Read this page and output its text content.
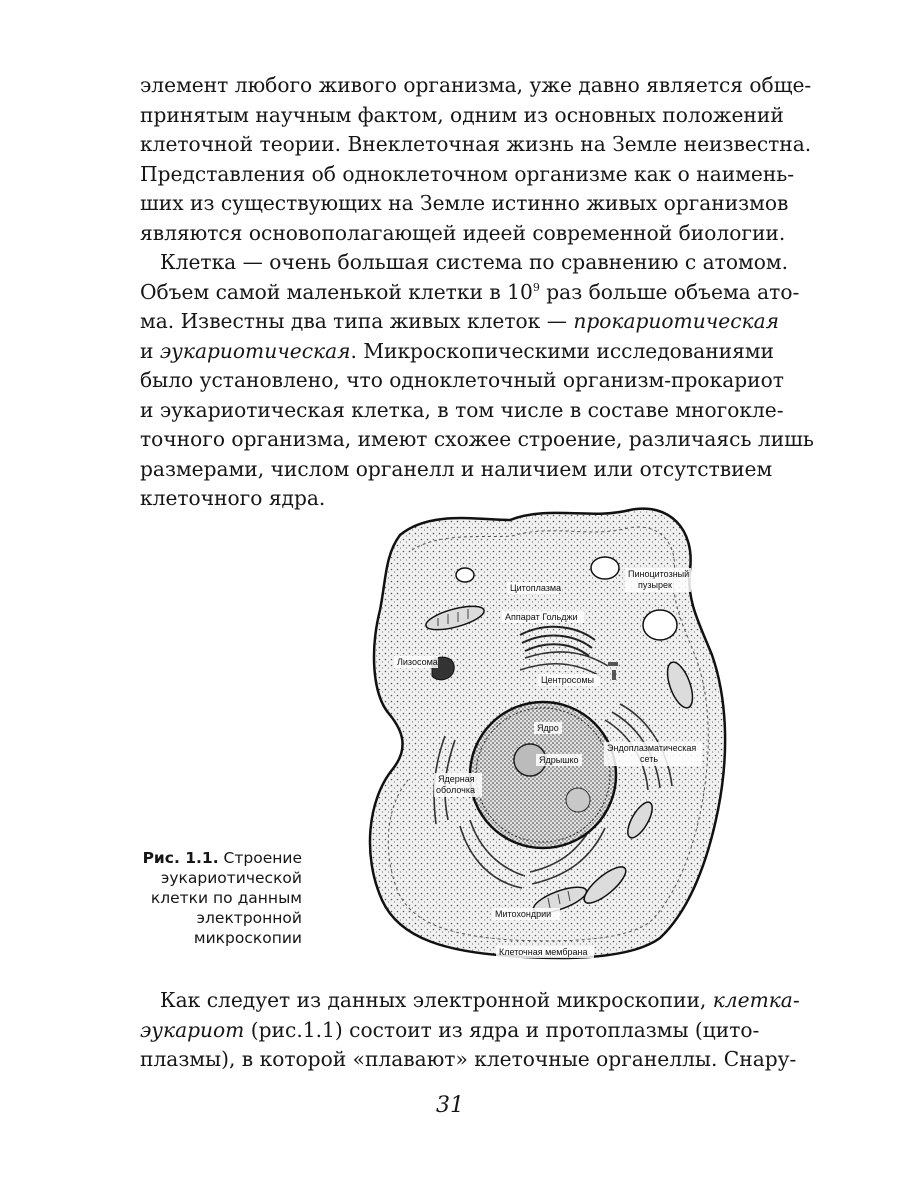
элемент любого живого организма, уже давно является обще-
принятым научным фактом, одним из основных положений
клеточной теории. Внеклеточная жизнь на Земле неизвестна.
Представления об одноклеточном организме как о наимень-
ших из существующих на Земле истинно живых организмов
являются основополагающей идеей современной биологии.
Клетка — очень большая система по сравнению с атомом.
Объем самой маленькой клетки в $10^9$ раз больше объема ато-
ма. Известны два типа живых клеток — прокариотическая
и эукариотическая. Микроскопическими исследованиями
было установлено, что одноклеточный организм-прокариот
и эукариотическая клетка, в том числе в составе многокле-
точного организма, имеют схожее строение, различаясь лишь
размерами, числом органелл и наличием или отсутствием
клеточного ядра.
Рис. 1.1. Строение эукариотической клетки по данным электронной микроскопии
Цитоплазма
Пиноцитозный
пузырек
Аппарат Гольджи
Лизосома
Центросомы
Ядро
Ядрышко
Эндоплазматическая
сеть
Ядерная
оболочка
Митохондрии
Клеточная мембрана
Как следует из данных электронной микроскопии, клетка-
эукариот (рис.1.1) состоит из ядра и протоплазмы (цито-
плазмы), в которой «плавают» клеточные органеллы. Снару-
31
